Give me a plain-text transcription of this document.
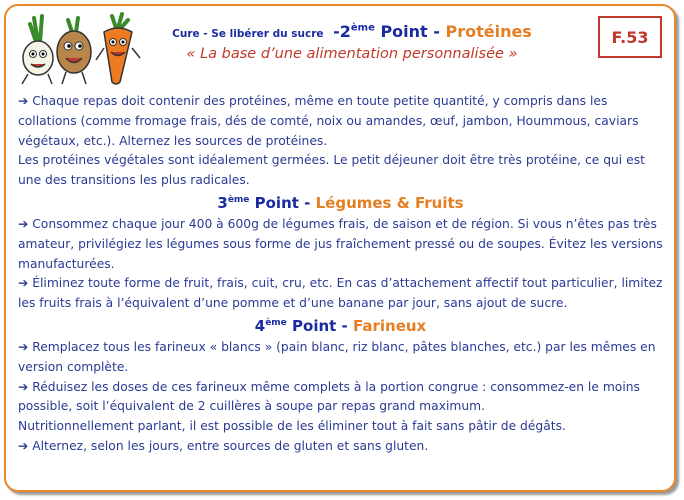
Cure - Se libérer du sucre -2ème Point - Protéines
« La base d’une alimentation personnalisée »
F.53

➔ Chaque repas doit contenir des protéines, même en toute petite quantité, y compris dans les collations (comme fromage frais, dés de comté, noix ou amandes, œuf, jambon, Hoummous, caviars végétaux, etc.). Alternez les sources de protéines.

Les protéines végétales sont idéalement germées. Le petit déjeuner doit être très protéine, ce qui est une des transitions les plus radicales.

3ème Point - Légumes & Fruits

➔ Consommez chaque jour 400 à 600g de légumes frais, de saison et de région. Si vous n’êtes pas très amateur, privilégiez les légumes sous forme de jus fraîchement pressé ou de soupes. Évitez les versions manufacturées.

➔ Éliminez toute forme de fruit, frais, cuit, cru, etc. En cas d’attachement affectif tout particulier, limitez les fruits frais à l’équivalent d’une pomme et d’une banane par jour, sans ajout de sucre.

4ème Point - Farineux

➔ Remplacez tous les farineux « blancs » (pain blanc, riz blanc, pâtes blanches, etc.) par les mêmes en version complète.

➔ Réduisez les doses de ces farineux même complets à la portion congrue : consommez-en le moins possible, soit l’équivalent de 2 cuillères à soupe par repas grand maximum.

Nutritionnellement parlant, il est possible de les éliminer tout à fait sans pâtir de dégâts.

➔ Alternez, selon les jours, entre sources de gluten et sans gluten.
